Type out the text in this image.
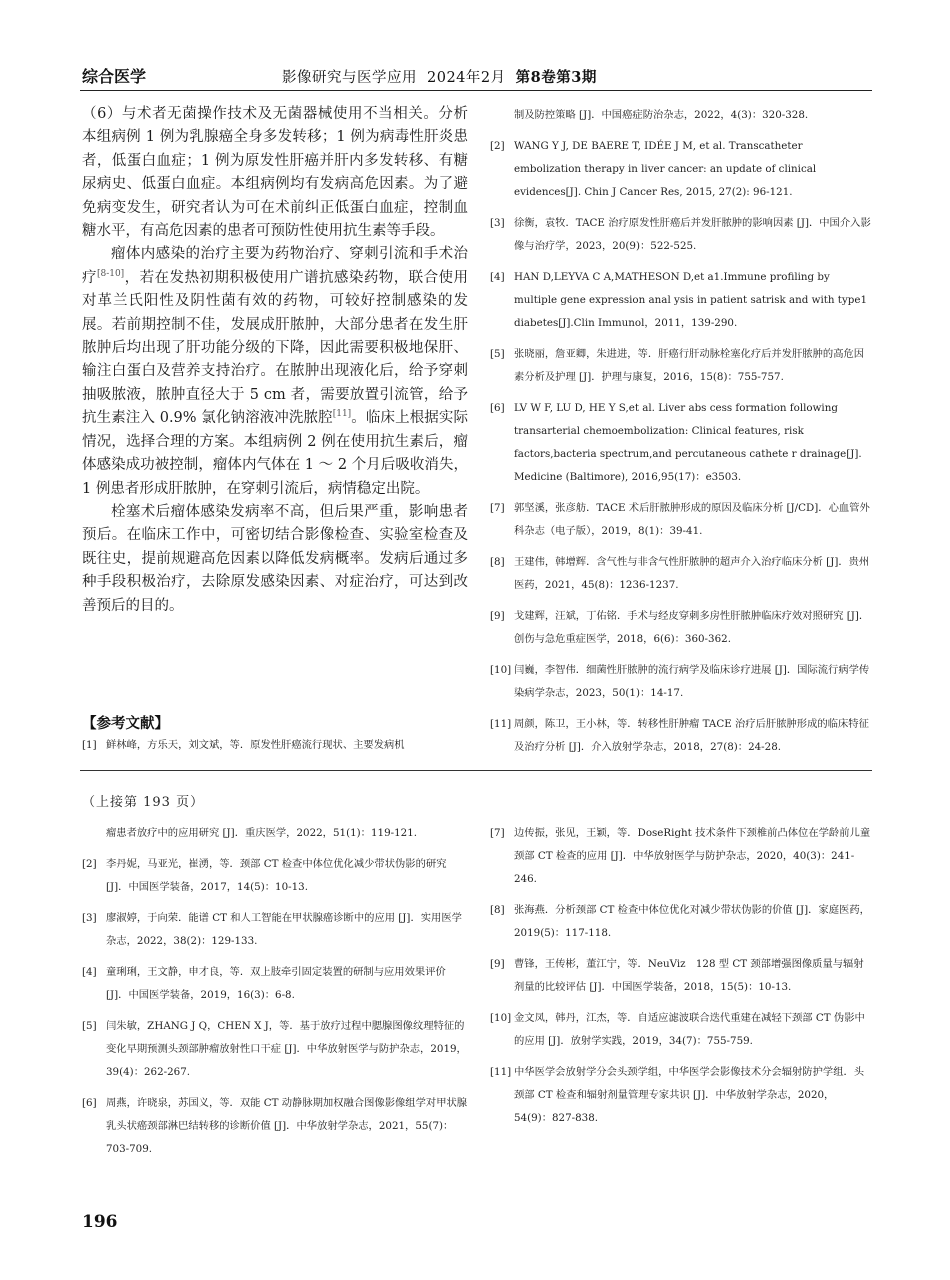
综合医学	影像研究与医学应用 2024年2月 第8卷第3期

（6）与术者无菌操作技术及无菌器械使用不当相关。分析本组病例 1 例为乳腺癌全身多发转移；1 例为病毒性肝炎患者，低蛋白血症；1 例为原发性肝癌并肝内多发转移、有糖尿病史、低蛋白血症。本组病例均有发病高危因素。为了避免病变发生，研究者认为可在术前纠正低蛋白血症，控制血糖水平，有高危因素的患者可预防性使用抗生素等手段。

瘤体内感染的治疗主要为药物治疗、穿刺引流和手术治疗[8-10]，若在发热初期积极使用广谱抗感染药物，联合使用对革兰氏阳性及阴性菌有效的药物，可较好控制感染的发展。若前期控制不佳，发展成肝脓肿，大部分患者在发生肝脓肿后均出现了肝功能分级的下降，因此需要积极地保肝、输注白蛋白及营养支持治疗。在脓肿出现液化后，给予穿刺抽吸脓液，脓肿直径大于 5 cm 者，需要放置引流管，给予抗生素注入 0.9% 氯化钠溶液冲洗脓腔[11]。临床上根据实际情况，选择合理的方案。本组病例 2 例在使用抗生素后，瘤体感染成功被控制，瘤体内气体在 1 ～ 2 个月后吸收消失，1 例患者形成肝脓肿，在穿刺引流后，病情稳定出院。

栓塞术后瘤体感染发病率不高，但后果严重，影响患者预后。在临床工作中，可密切结合影像检查、实验室检查及既往史，提前规避高危因素以降低发病概率。发病后通过多种手段积极治疗，去除原发感染因素、对症治疗，可达到改善预后的目的。

【参考文献】
[1] 鲜林峰，方乐天，刘文斌，等．原发性肝癌流行现状、主要发病机
制及防控策略 [J]．中国癌症防治杂志，2022，4(3)：320-328.
[2] WANG Y J, DE BAERE T, IDÉE J M, et al. Transcatheter embolization therapy in liver cancer: an update of clinical evidences[J]. Chin J Cancer Res, 2015, 27(2): 96-121.
[3] 徐衡，袁牧．TACE 治疗原发性肝癌后并发肝脓肿的影响因素 [J]．中国介入影像与治疗学，2023，20(9)：522-525.
[4] HAN D,LEYVA C A,MATHESON D,et a1.Immune profiling by multiple gene expression anal ysis in patient satrisk and with type1 diabetes[J].Clin Immunol，2011，139-290.
[5] 张晓丽，詹亚卿，朱进进，等．肝癌行肝动脉栓塞化疗后并发肝脓肿的高危因素分析及护理 [J]．护理与康复，2016，15(8)：755-757.
[6] LV W F, LU D, HE Y S,et al. Liver abs cess formation following transarterial chemoembolization: Clinical features, risk factors,bacteria spectrum,and percutaneous cathete r drainage[J]. Medicine (Baltimore), 2016,95(17)：e3503.
[7] 郭坚溪，张彦舫．TACE 术后肝脓肿形成的原因及临床分析 [J/CD]．心血管外科杂志（电子版），2019，8(1)：39-41.
[8] 王建伟，韩增辉．含气性与非含气性肝脓肿的超声介入治疗临床分析 [J]．贵州医药，2021，45(8)：1236-1237.
[9] 戈建辉，汪斌，丁佑铭．手术与经皮穿刺多房性肝脓肿临床疗效对照研究 [J]．创伤与急危重症医学，2018，6(6)：360-362.
[10] 闫巍，李智伟．细菌性肝脓肿的流行病学及临床诊疗进展 [J]．国际流行病学传染病学杂志，2023，50(1)：14-17.
[11] 周颜，陈卫，王小林，等．转移性肝肿瘤 TACE 治疗后肝脓肿形成的临床特征及治疗分析 [J]．介入放射学杂志，2018，27(8)：24-28.
（上接第 193 页）
瘤患者放疗中的应用研究 [J]．重庆医学，2022，51(1)：119-121.
[2] 李丹妮，马亚光，崔湧，等．颈部 CT 检查中体位优化减少带状伪影的研究 [J]．中国医学装备，2017，14(5)：10-13.
[3] 廖淑婷，于向荣．能谱 CT 和人工智能在甲状腺癌诊断中的应用 [J]．实用医学杂志，2022，38(2)：129-133.
[4] 童琍琍，王文静，申才良，等．双上肢牵引固定装置的研制与应用效果评价 [J]．中国医学装备，2019，16(3)：6-8.
[5] 闫朱敏，ZHANG J Q，CHEN X J，等．基于放疗过程中腮腺图像纹理特征的变化早期预测头颈部肿瘤放射性口干症 [J]．中华放射医学与防护杂志，2019，39(4)：262-267.
[6] 周燕，许晓泉，苏国义，等．双能 CT 动静脉期加权融合图像影像组学对甲状腺乳头状癌颈部淋巴结转移的诊断价值 [J]．中华放射学杂志，2021，55(7)：703-709.
[7] 边传振，张见，王颖，等．DoseRight 技术条件下颈椎前凸体位在学龄前儿童颈部 CT 检查的应用 [J]．中华放射医学与防护杂志，2020，40(3)：241-246.
[8] 张海燕．分析颈部 CT 检查中体位优化对减少带状伪影的价值 [J]．家庭医药，2019(5)：117-118.
[9] 曹锋，王传彬，董江宁，等．NeuViz　128 型 CT 颈部增强图像质量与辐射剂量的比较评估 [J]．中国医学装备，2018，15(5)：10-13.
[10] 金文凤，韩丹，江杰，等．自适应滤波联合迭代重建在减轻下颈部 CT 伪影中的应用 [J]．放射学实践，2019，34(7)：755-759.
[11] 中华医学会放射学分会头颈学组，中华医学会影像技术分会辐射防护学组．头颈部 CT 检查和辐射剂量管理专家共识 [J]．中华放射学杂志，2020，54(9)：827-838.
196
